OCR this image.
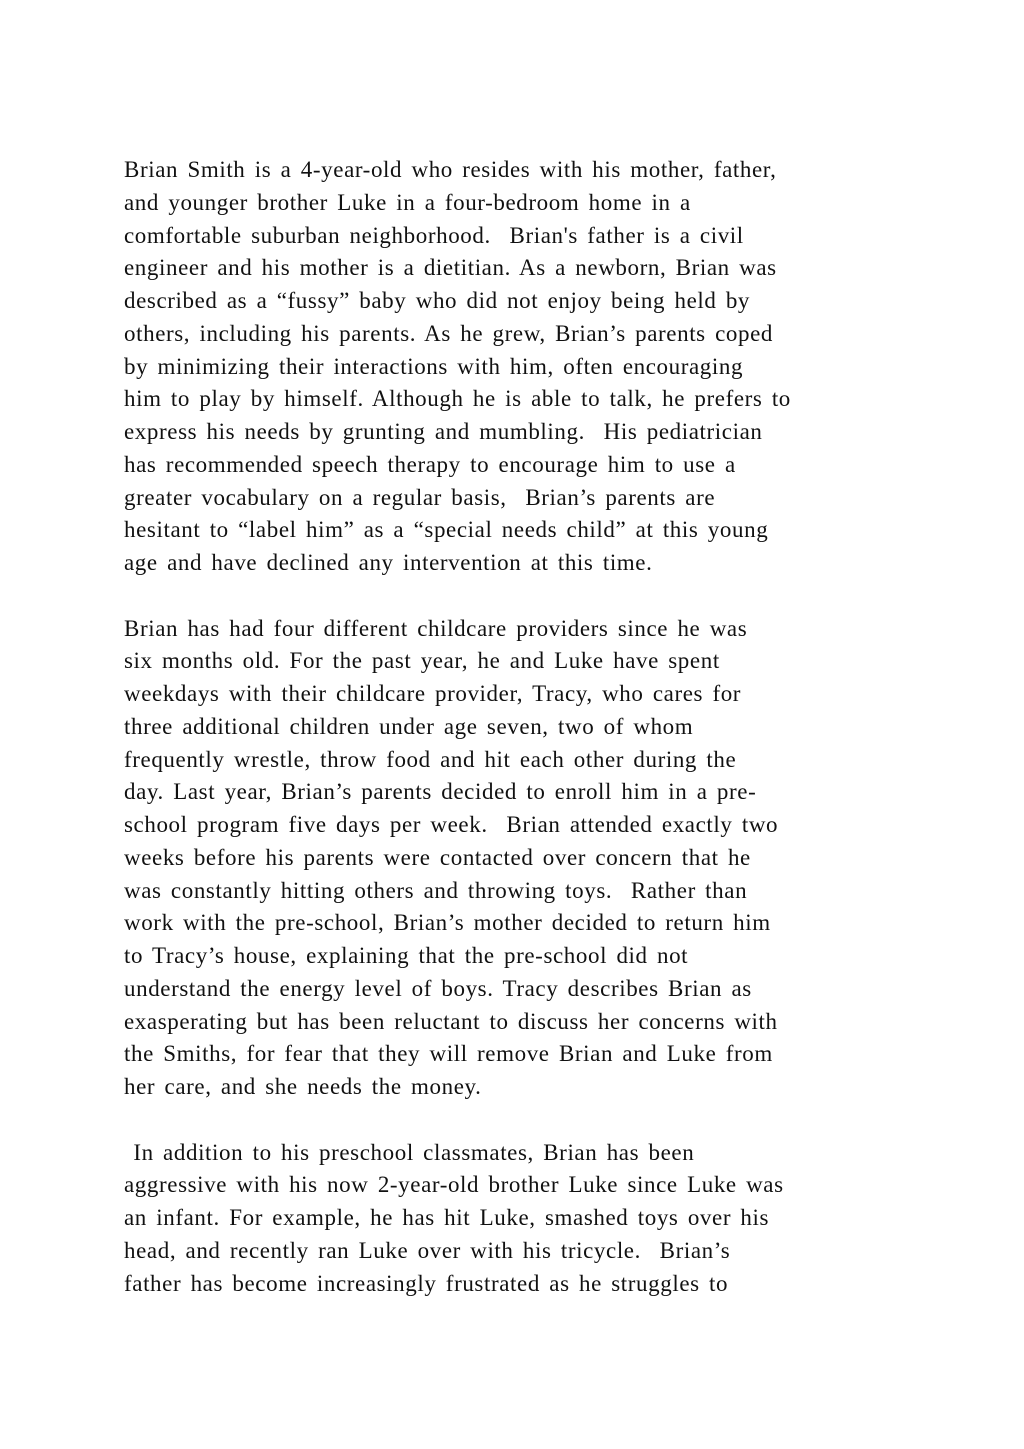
Brian Smith is a 4-year-old who resides with his mother, father,
and younger brother Luke in a four-bedroom home in a
comfortable suburban neighborhood.  Brian's father is a civil
engineer and his mother is a dietitian. As a newborn, Brian was
described as a “fussy” baby who did not enjoy being held by
others, including his parents. As he grew, Brian’s parents coped
by minimizing their interactions with him, often encouraging
him to play by himself. Although he is able to talk, he prefers to
express his needs by grunting and mumbling.  His pediatrician
has recommended speech therapy to encourage him to use a
greater vocabulary on a regular basis,  Brian’s parents are
hesitant to “label him” as a “special needs child” at this young
age and have declined any intervention at this time.
Brian has had four different childcare providers since he was
six months old. For the past year, he and Luke have spent
weekdays with their childcare provider, Tracy, who cares for
three additional children under age seven, two of whom
frequently wrestle, throw food and hit each other during the
day. Last year, Brian’s parents decided to enroll him in a pre-
school program five days per week.  Brian attended exactly two
weeks before his parents were contacted over concern that he
was constantly hitting others and throwing toys.  Rather than
work with the pre-school, Brian’s mother decided to return him
to Tracy’s house, explaining that the pre-school did not
understand the energy level of boys. Tracy describes Brian as
exasperating but has been reluctant to discuss her concerns with
the Smiths, for fear that they will remove Brian and Luke from
her care, and she needs the money.
In addition to his preschool classmates, Brian has been
aggressive with his now 2-year-old brother Luke since Luke was
an infant. For example, he has hit Luke, smashed toys over his
head, and recently ran Luke over with his tricycle.  Brian’s
father has become increasingly frustrated as he struggles to
